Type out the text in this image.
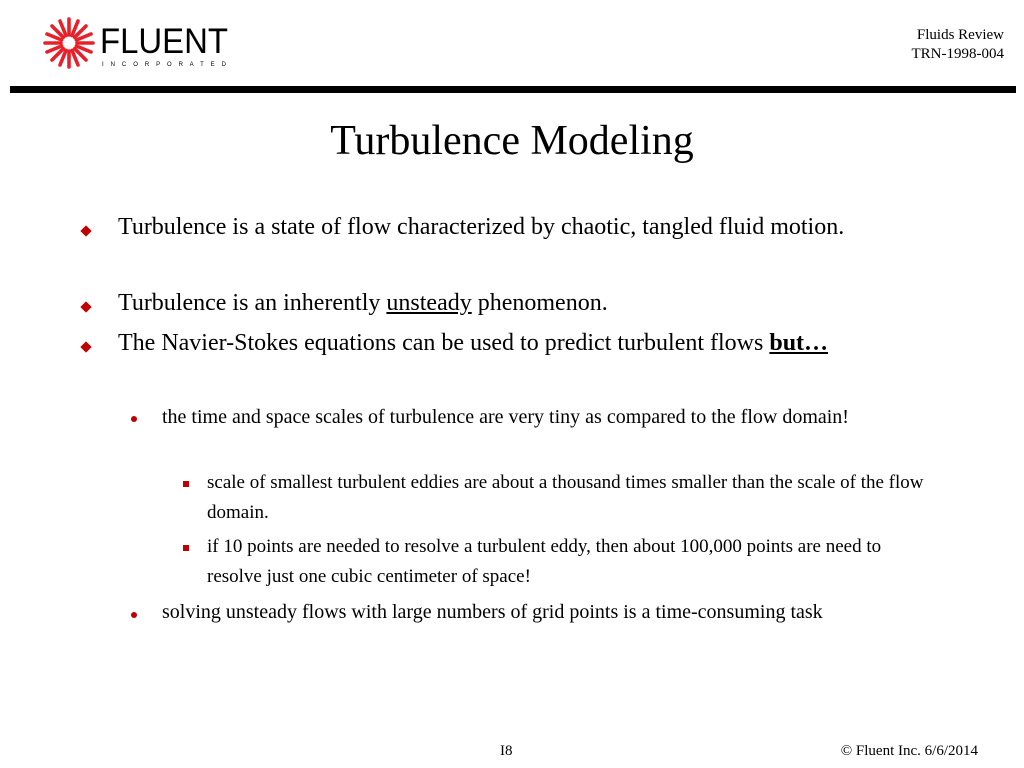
FLUENT
I N C O R P O R A T E D
Fluids Review
TRN-1998-004
Turbulence Modeling
Turbulence is a state of flow characterized by chaotic, tangled fluid motion.
Turbulence is an inherently unsteady phenomenon.
The Navier-Stokes equations can be used to predict turbulent flows but…
the time and space scales of turbulence are very tiny as compared to the flow domain!
scale of smallest turbulent eddies are about a thousand times smaller than the scale of the flow domain.
if 10 points are needed to resolve a turbulent eddy, then about 100,000 points are need to resolve just one cubic centimeter of space!
solving unsteady flows with large numbers of grid points is a time-consuming task
I8	© Fluent Inc. 6/6/2014
